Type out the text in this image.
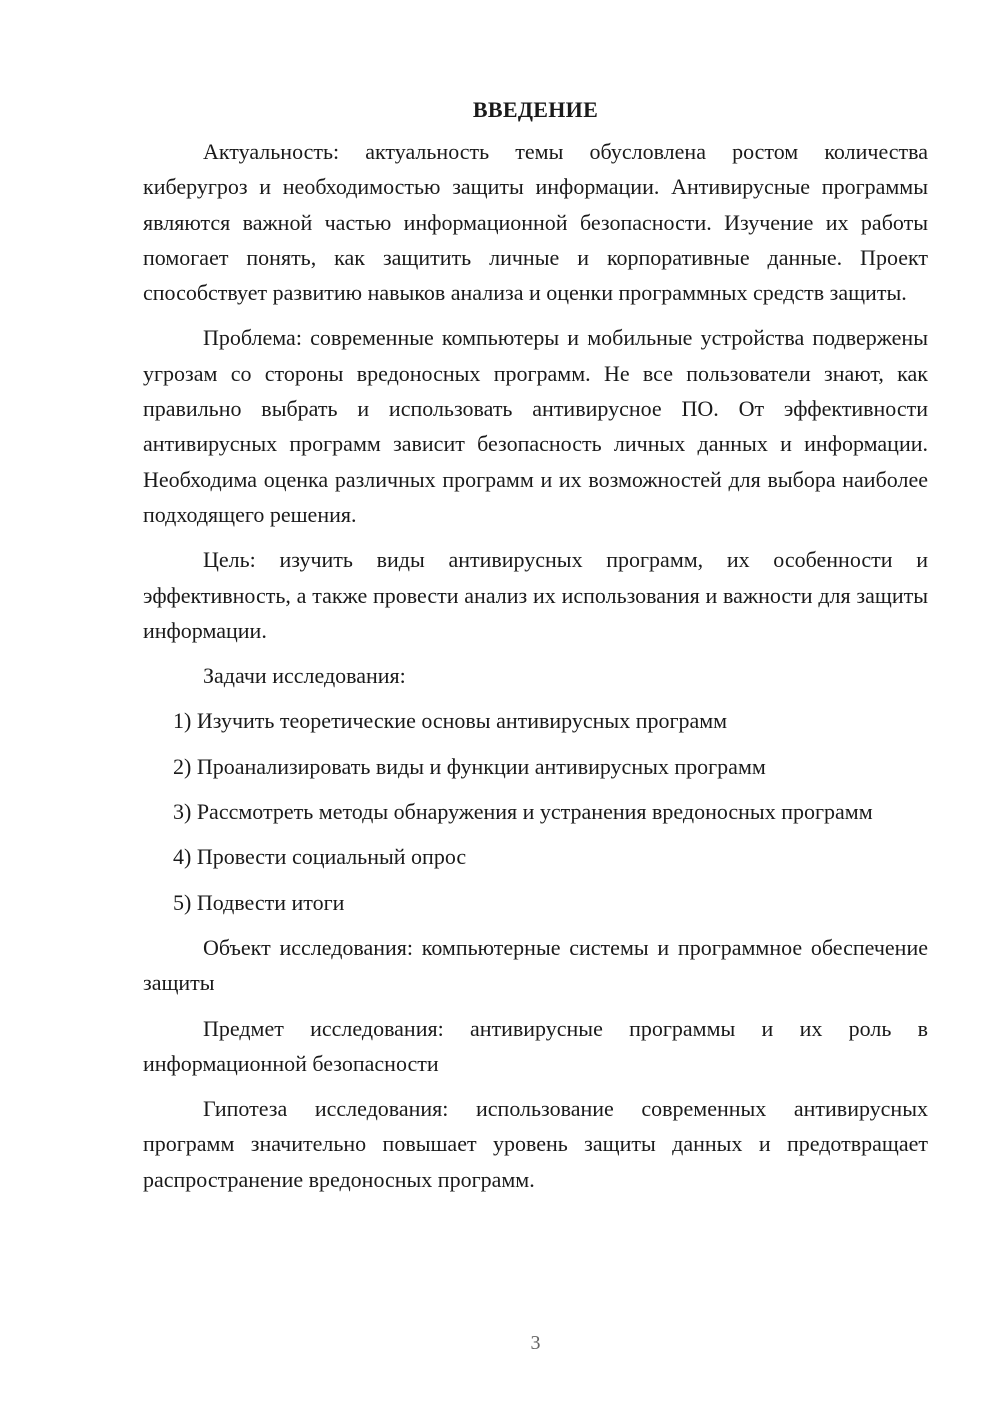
ВВЕДЕНИЕ

Актуальность: актуальность темы обусловлена ростом количества киберугроз и необходимостью защиты информации. Антивирусные программы являются важной частью информационной безопасности. Изучение их работы помогает понять, как защитить личные и корпоративные данные. Проект способствует развитию навыков анализа и оценки программных средств защиты.

Проблема: современные компьютеры и мобильные устройства подвержены угрозам со стороны вредоносных программ. Не все пользователи знают, как правильно выбрать и использовать антивирусное ПО. От эффективности антивирусных программ зависит безопасность личных данных и информации. Необходима оценка различных программ и их возможностей для выбора наиболее подходящего решения.

Цель: изучить виды антивирусных программ, их особенности и эффективность, а также провести анализ их использования и важности для защиты информации.

Задачи исследования:

1) Изучить теоретические основы антивирусных программ

2) Проанализировать виды и функции антивирусных программ

3) Рассмотреть методы обнаружения и устранения вредоносных программ

4) Провести социальный опрос

5) Подвести итоги

Объект исследования: компьютерные системы и программное обеспечение защиты

Предмет исследования: антивирусные программы и их роль в информационной безопасности

Гипотеза исследования: использование современных антивирусных программ значительно повышает уровень защиты данных и предотвращает распространение вредоносных программ.

3
